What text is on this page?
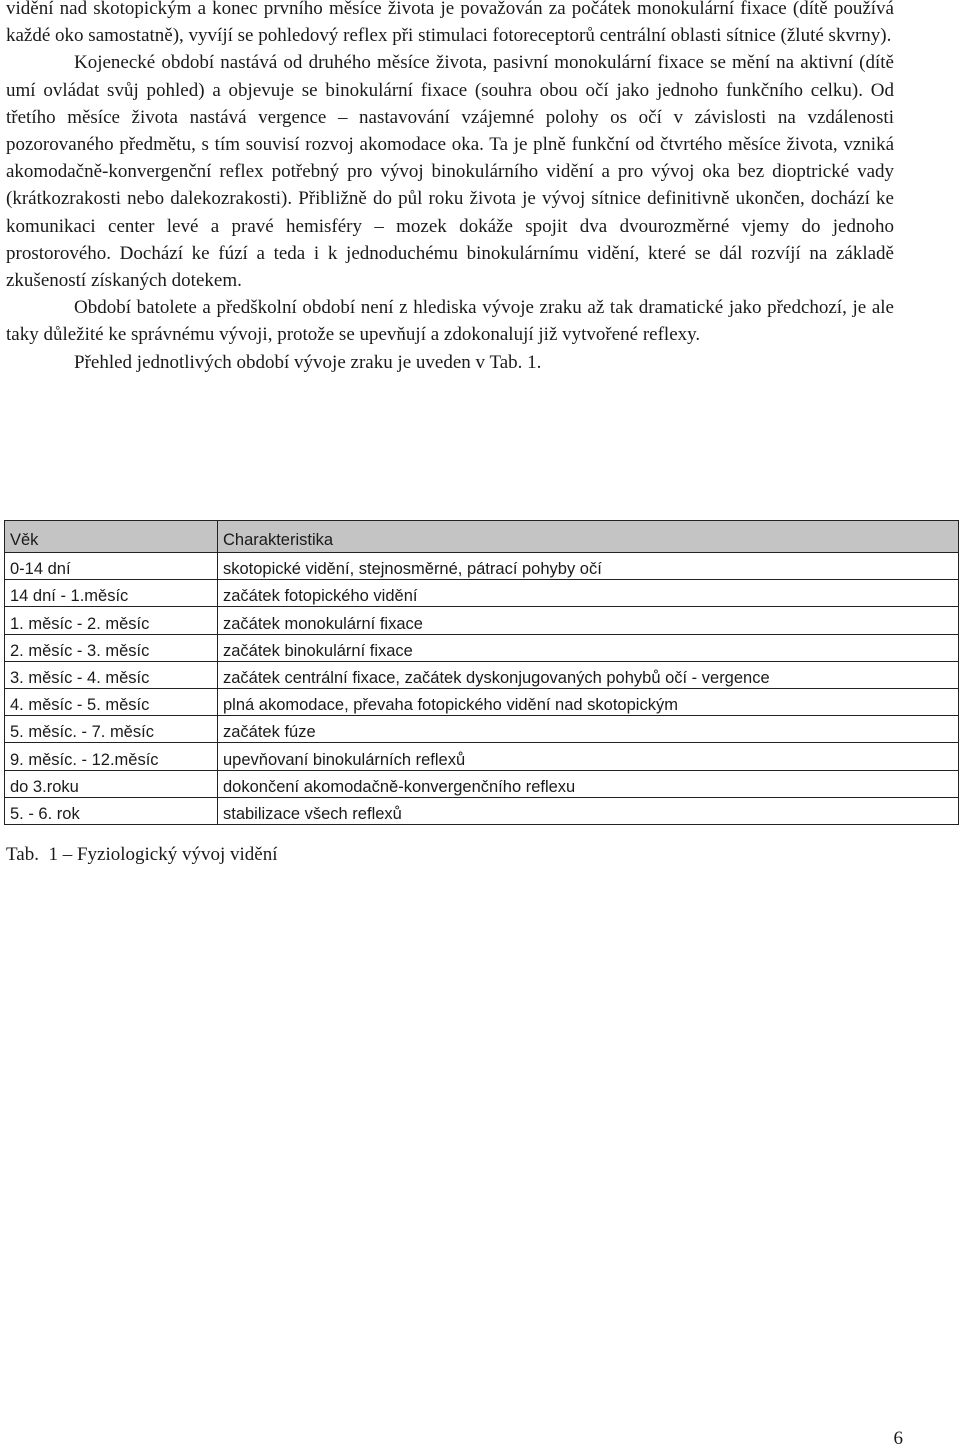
vidění nad skotopickým a konec prvního měsíce života je považován za počátek monokulární fixace (dítě používá každé oko samostatně), vyvíjí se pohledový reflex při stimulaci fotoreceptorů centrální oblasti sítnice (žluté skvrny).

Kojenecké období nastává od druhého měsíce života, pasivní monokulární fixace se mění na aktivní (dítě umí ovládat svůj pohled) a objevuje se binokulární fixace (souhra obou očí jako jednoho funkčního celku). Od třetího měsíce života nastává vergence – nastavování vzájemné polohy os očí v závislosti na vzdálenosti pozorovaného předmětu, s tím souvisí rozvoj akomodace oka. Ta je plně funkční od čtvrtého měsíce života, vzniká akomodačně-konvergenční reflex potřebný pro vývoj binokulárního vidění a pro vývoj oka bez dioptrické vady (krátkozrakosti nebo dalekozrakosti). Přibližně do půl roku života je vývoj sítnice definitivně ukončen, dochází ke komunikaci center levé a pravé hemisféry – mozek dokáže spojit dva dvourozměrné vjemy do jednoho prostorového. Dochází ke fúzí a teda i k jednoduchému binokulárnímu vidění, které se dál rozvíjí na základě zkušeností získaných dotekem.

Období batolete a předškolní období není z hlediska vývoje zraku až tak dramatické jako předchozí, je ale taky důležité ke správnému vývoji, protože se upevňují a zdokonalují již vytvořené reflexy.

Přehled jednotlivých období vývoje zraku je uveden v Tab. 1.

Věk	Charakteristika
0-14 dní	skotopické vidění, stejnosměrné, pátrací pohyby očí
14 dní - 1.měsíc	začátek fotopického vidění
1. měsíc - 2. měsíc	začátek monokulární fixace
2. měsíc - 3. měsíc	začátek binokulární fixace
3. měsíc - 4. měsíc	začátek centrální fixace, začátek dyskonjugovaných pohybů očí - vergence
4. měsíc - 5. měsíc	plná akomodace, převaha fotopického vidění nad skotopickým
5. měsíc. - 7. měsíc	začátek fúze
9. měsíc. - 12.měsíc	upevňovaní binokulárních reflexů
do 3.roku	dokončení akomodačně-konvergenčního reflexu
5. - 6. rok	stabilizace všech reflexů
Tab.  1 – Fyziologický vývoj vidění
6
